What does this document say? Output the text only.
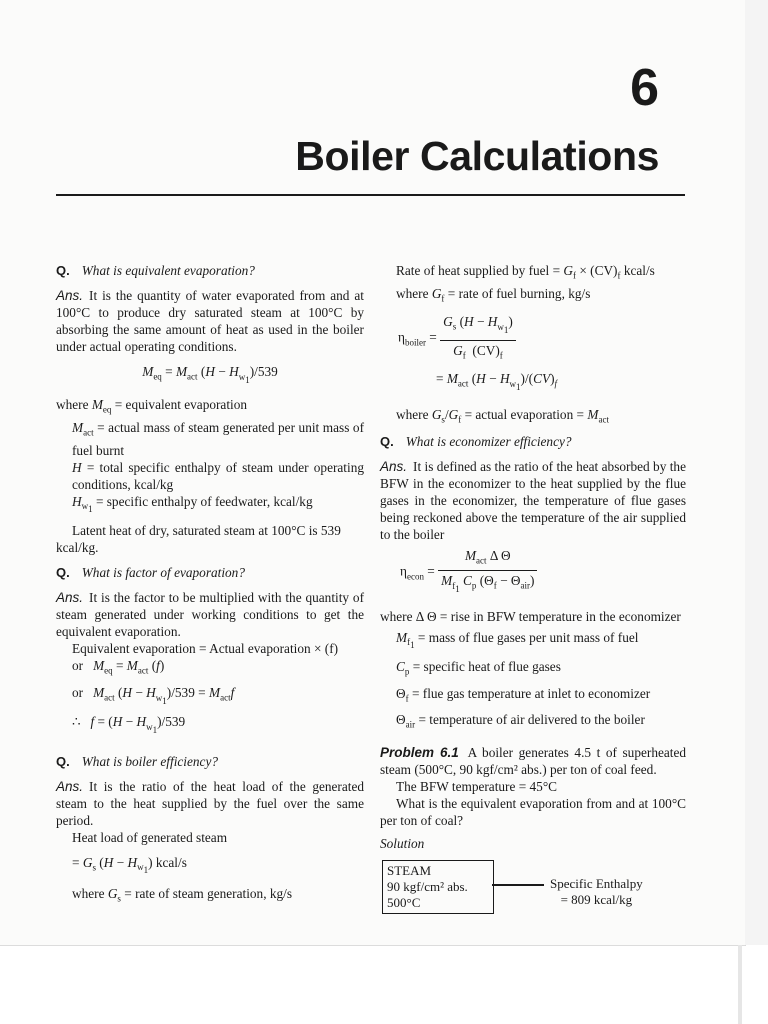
6
Boiler Calculations

Q. What is equivalent evaporation?

Ans. It is the quantity of water evaporated from and at 100°C to produce dry saturated steam at 100°C by absorbing the same amount of heat as used in the boiler under actual operating conditions.

$M_{eq} = M_{act}$ $(H - H_{w_1})/539$

where $M_{eq}$ = equivalent evaporation

$M_{act}$ = actual mass of steam generated per unit mass of fuel burnt

H = total specific enthalpy of steam under operating conditions, kcal/kg

$H_{w_1}$ = specific enthalpy of feedwater, kcal/kg

Latent heat of dry, saturated steam at 100°C is 539 kcal/kg.

Q. What is factor of evaporation?

Ans. It is the factor to be multiplied with the quantity of steam generated under working conditions to get the equivalent evaporation.

Equivalent evaporation = Actual evaporation × (f)

or $M_{eq} = M_{act}$ (f)

or $M_{act}$ $(H - H_{w_1})/539 = M_{act}f$

∴ $f = (H - H_{w_1})/539$

Q. What is boiler efficiency?

Ans. It is the ratio of the heat load of the generated steam to the heat supplied by the fuel over the same period.

Heat load of generated steam

= $G_s$ $(H - H_{w_1})$ kcal/s

where $G_s$ = rate of steam generation, kg/s

Rate of heat supplied by fuel = $G_f \times (CV)_f$ kcal/s

where $G_f$ = rate of fuel burning, kg/s

$\eta_{boiler} = \frac{G_s (H - H_{w_1})}{G_f (CV)_f}$

= $M_{act}$ $(H - H_{w_1})/(CV)_f$

where $G_s/G_f$ = actual evaporation = $M_{act}$

Q. What is economizer efficiency?

Ans. It is defined as the ratio of the heat absorbed by the BFW in the economizer to the heat supplied by the flue gases in the economizer, the temperature of flue gases being reckoned above the temperature of the air supplied to the boiler

$\eta_{econ} = \frac{M_{act} \Delta \Theta}{M_{f_1} C_p (\Theta_f - \Theta_{air})}$

where Δ Θ = rise in BFW temperature in the economizer

$M_{f_1}$ = mass of flue gases per unit mass of fuel

$C_p$ = specific heat of flue gases

$\Theta_f$ = flue gas temperature at inlet to economizer

$\Theta_{air}$ = temperature of air delivered to the boiler

Problem 6.1 A boiler generates 4.5 t of superheated steam (500°C, 90 kgf/cm² abs.) per ton of coal feed.

The BFW temperature = 45°C

What is the equivalent evaporation from and at 100°C per ton of coal?

Solution

STEAM
90 kgf/cm² abs.
500°C
Specific Enthalpy
= 809 kcal/kg
